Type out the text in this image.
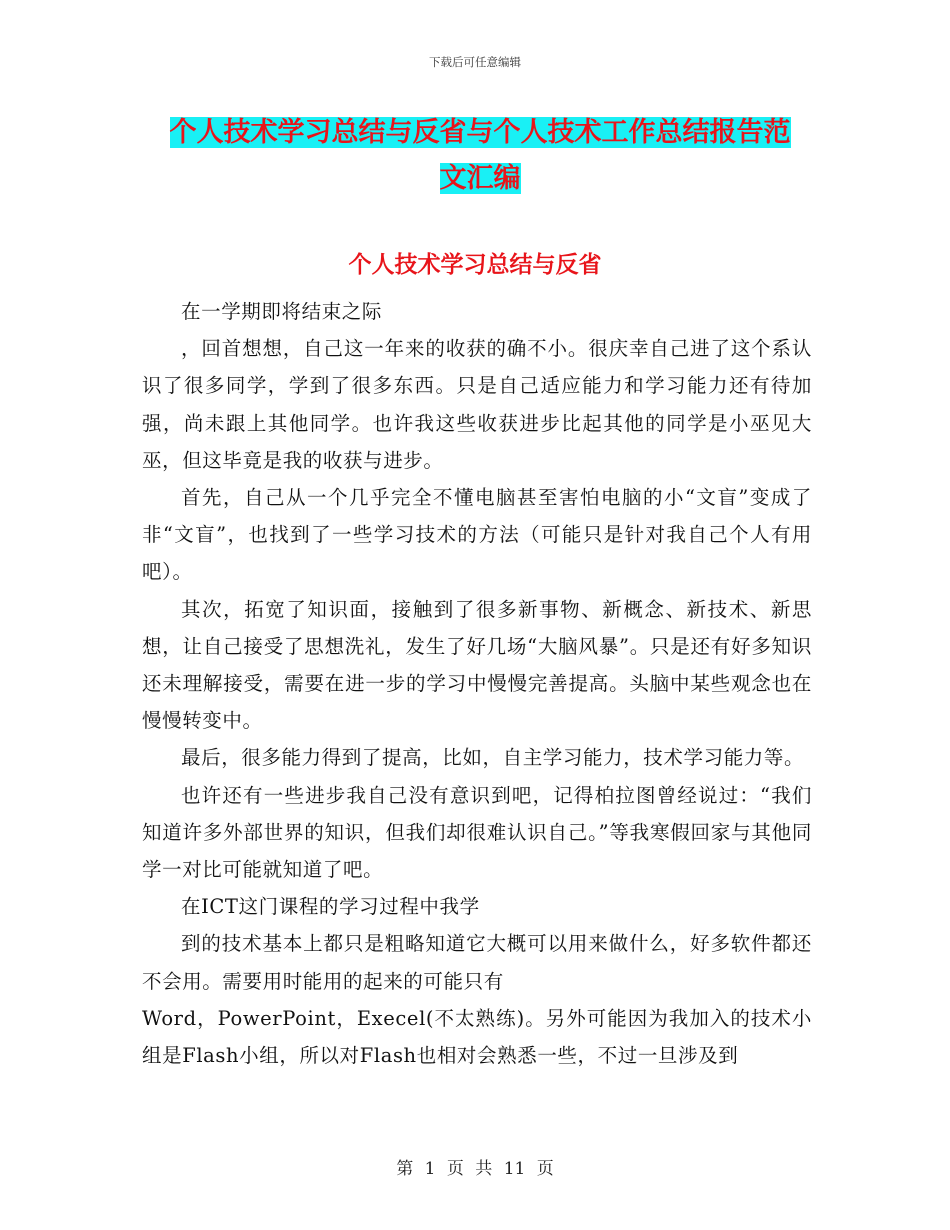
下载后可任意编辑
个人技术学习总结与反省与个人技术工作总结报告范
文汇编
个人技术学习总结与反省

在一学期即将结束之际

，回首想想，自己这一年来的收获的确不小。很庆幸自己进了这个系认识了很多同学，学到了很多东西。只是自己适应能力和学习能力还有待加强，尚未跟上其他同学。也许我这些收获进步比起其他的同学是小巫见大巫，但这毕竟是我的收获与进步。

首先，自己从一个几乎完全不懂电脑甚至害怕电脑的小“文盲”变成了非“文盲”，也找到了一些学习技术的方法（可能只是针对我自己个人有用吧）。

其次，拓宽了知识面，接触到了很多新事物、新概念、新技术、新思想，让自己接受了思想洗礼，发生了好几场“大脑风暴”。只是还有好多知识还未理解接受，需要在进一步的学习中慢慢完善提高。头脑中某些观念也在慢慢转变中。

最后，很多能力得到了提高，比如，自主学习能力，技术学习能力等。

也许还有一些进步我自己没有意识到吧，记得柏拉图曾经说过：“我们知道许多外部世界的知识，但我们却很难认识自己。”等我寒假回家与其他同学一对比可能就知道了吧。

在ICT这门课程的学习过程中我学

到的技术基本上都只是粗略知道它大概可以用来做什么，好多软件都还不会用。需要用时能用的起来的可能只有

Word，PowerPoint，Execel(不太熟练)。另外可能因为我加入的技术小组是Flash小组，所以对Flash也相对会熟悉一些，不过一旦涉及到

第 1 页 共 11 页
